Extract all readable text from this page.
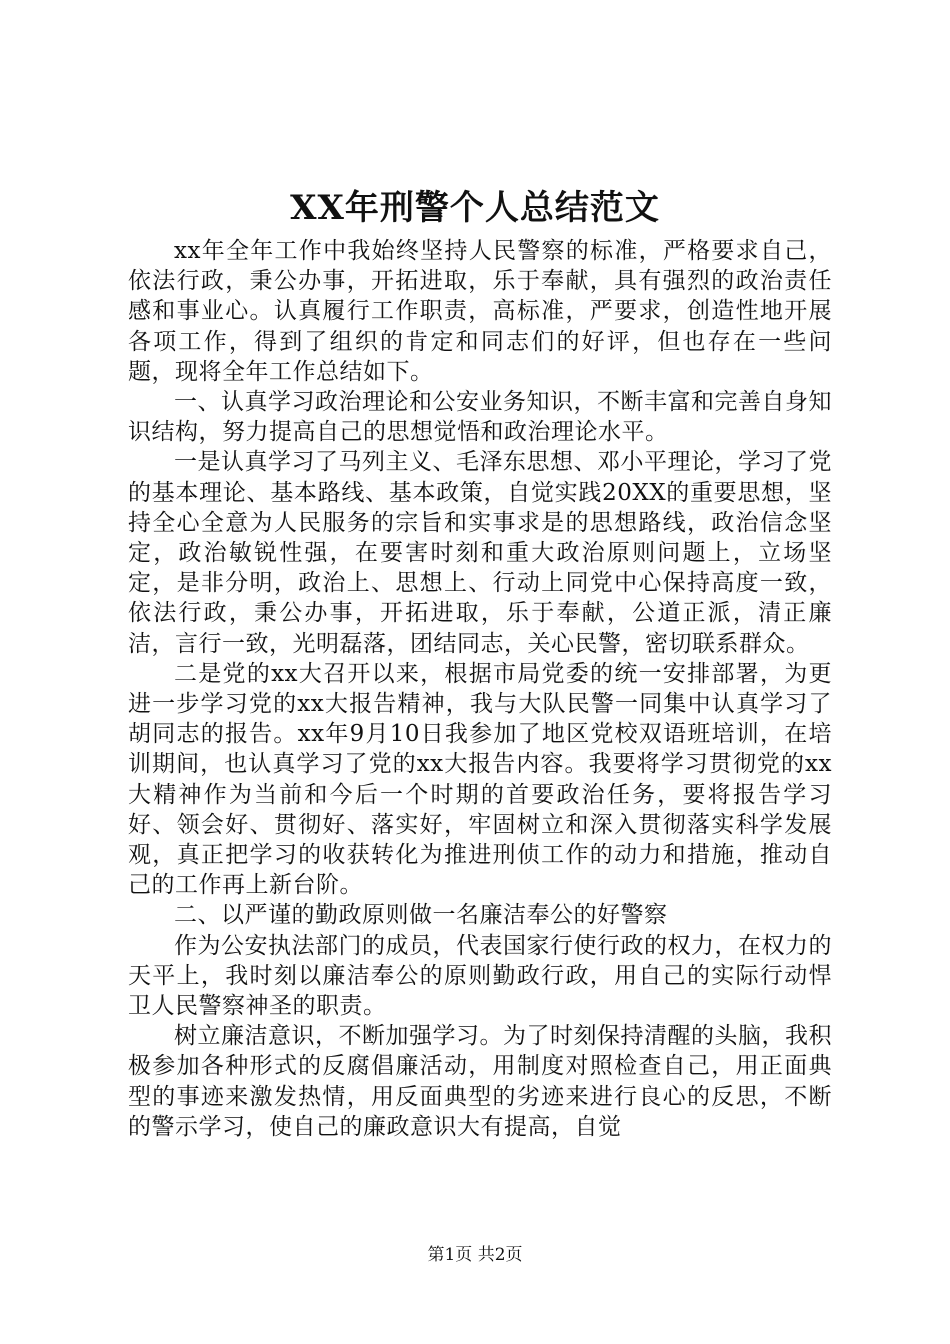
XX年刑警个人总结范文

xx年全年工作中我始终坚持人民警察的标准，严格要求自己，依法行政，秉公办事，开拓进取，乐于奉献，具有强烈的政治责任感和事业心。认真履行工作职责，高标准，严要求，创造性地开展各项工作，得到了组织的肯定和同志们的好评，但也存在一些问题，现将全年工作总结如下。

一、认真学习政治理论和公安业务知识，不断丰富和完善自身知识结构，努力提高自己的思想觉悟和政治理论水平。

一是认真学习了马列主义、毛泽东思想、邓小平理论，学习了党的基本理论、基本路线、基本政策，自觉实践20XX的重要思想，坚持全心全意为人民服务的宗旨和实事求是的思想路线，政治信念坚定，政治敏锐性强，在要害时刻和重大政治原则问题上，立场坚定，是非分明，政治上、思想上、行动上同党中心保持高度一致，依法行政，秉公办事，开拓进取，乐于奉献，公道正派，清正廉洁，言行一致，光明磊落，团结同志，关心民警，密切联系群众。

二是党的xx大召开以来，根据市局党委的统一安排部署，为更进一步学习党的xx大报告精神，我与大队民警一同集中认真学习了胡同志的报告。xx年9月10日我参加了地区党校双语班培训，在培训期间，也认真学习了党的xx大报告内容。我要将学习贯彻党的xx大精神作为当前和今后一个时期的首要政治任务，要将报告学习好、领会好、贯彻好、落实好，牢固树立和深入贯彻落实科学发展观，真正把学习的收获转化为推进刑侦工作的动力和措施，推动自己的工作再上新台阶。

二、以严谨的勤政原则做一名廉洁奉公的好警察

作为公安执法部门的成员，代表国家行使行政的权力，在权力的天平上，我时刻以廉洁奉公的原则勤政行政，用自己的实际行动悍卫人民警察神圣的职责。

树立廉洁意识，不断加强学习。为了时刻保持清醒的头脑，我积极参加各种形式的反腐倡廉活动，用制度对照检查自己，用正面典型的事迹来激发热情，用反面典型的劣迹来进行良心的反思，不断的警示学习，使自己的廉政意识大有提高，自觉

第1页 共2页
